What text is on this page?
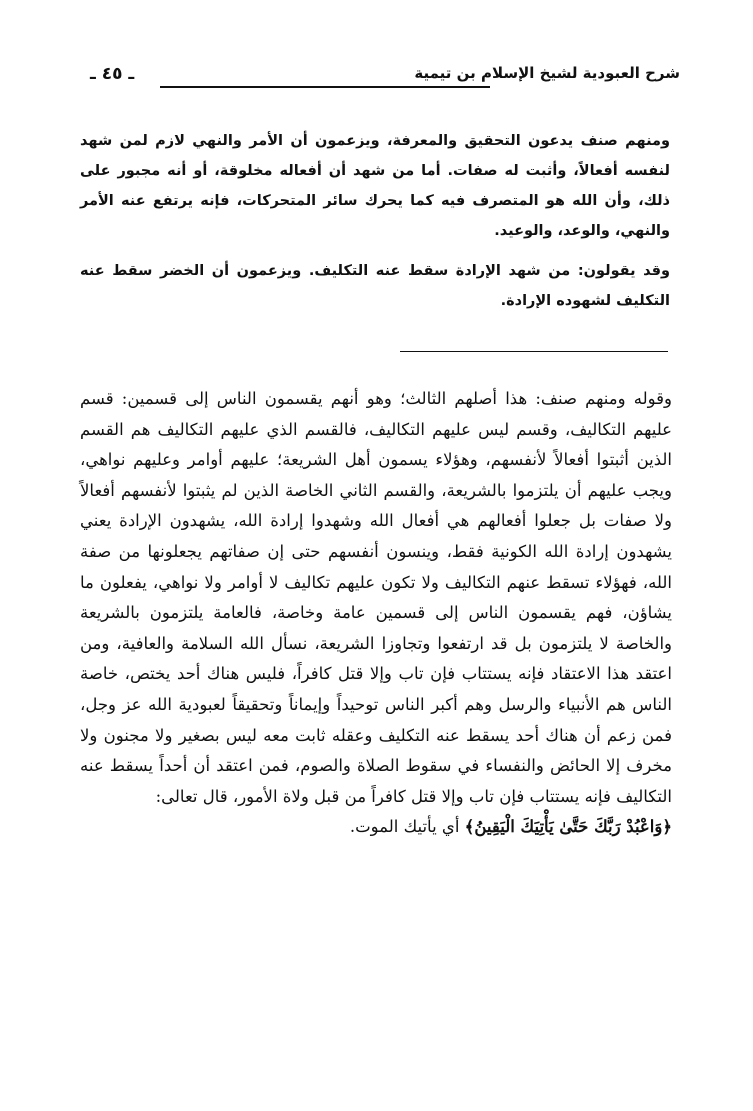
شرح العبودية لشيخ الإسلام بن تيمية
ـ ٤٥ ـ

ومنهم صنف يدعون التحقيق والمعرفة، ويزعمون أن الأمر والنهي لازم لمن شهد لنفسه أفعالاً، وأثبت له صفات. أما من شهد أن أفعاله مخلوقة، أو أنه مجبور على ذلك، وأن الله هو المتصرف فيه كما يحرك سائر المتحركات، فإنه يرتفع عنه الأمر والنهي، والوعد، والوعيد.

وقد يقولون: من شهد الإرادة سقط عنه التكليف. ويزعمون أن الخضر سقط عنه التكليف لشهوده الإرادة.

وقوله ومنهم صنف: هذا أصلهم الثالث؛ وهو أنهم يقسمون الناس إلى قسمين: قسم عليهم التكاليف، وقسم ليس عليهم التكاليف، فالقسم الذي عليهم التكاليف هم القسم الذين أثبتوا أفعالاً لأنفسهم، وهؤلاء يسمون أهل الشريعة؛ عليهم أوامر وعليهم نواهي، ويجب عليهم أن يلتزموا بالشريعة، والقسم الثاني الخاصة الذين لم يثبتوا لأنفسهم أفعالاً ولا صفات بل جعلوا أفعالهم هي أفعال الله وشهدوا إرادة الله، يشهدون الإرادة يعني يشهدون إرادة الله الكونية فقط، وينسون أنفسهم حتى إن صفاتهم يجعلونها من صفة الله، فهؤلاء تسقط عنهم التكاليف ولا تكون عليهم تكاليف لا أوامر ولا نواهي، يفعلون ما يشاؤن، فهم يقسمون الناس إلى قسمين عامة وخاصة، فالعامة يلتزمون بالشريعة والخاصة لا يلتزمون بل قد ارتفعوا وتجاوزا الشريعة، نسأل الله السلامة والعافية، ومن اعتقد هذا الاعتقاد فإنه يستتاب فإن تاب وإلا قتل كافراً، فليس هناك أحد يختص، خاصة الناس هم الأنبياء والرسل وهم أكبر الناس توحيداً وإيماناً وتحقيقاً لعبودية الله عز وجل، فمن زعم أن هناك أحد يسقط عنه التكليف وعقله ثابت معه ليس بصغير ولا مجنون ولا مخرف إلا الحائض والنفساء في سقوط الصلاة والصوم، فمن اعتقد أن أحداً يسقط عنه التكاليف فإنه يستتاب فإن تاب وإلا قتل كافراً من قبل ولاة الأمور، قال تعالى:
﴿وَاعْبُدْ رَبَّكَ حَتَّىٰ يَأْتِيَكَ الْيَقِينُ﴾ أي يأتيك الموت.
